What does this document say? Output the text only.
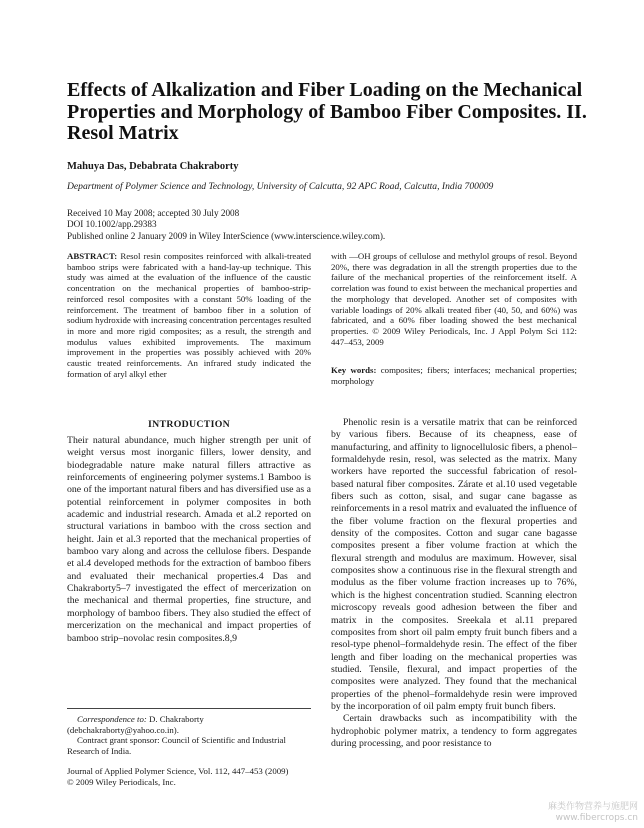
Effects of Alkalization and Fiber Loading on the Mechanical Properties and Morphology of Bamboo Fiber Composites. II. Resol Matrix
Mahuya Das, Debabrata Chakraborty
Department of Polymer Science and Technology, University of Calcutta, 92 APC Road, Calcutta, India 700009
Received 10 May 2008; accepted 30 July 2008
DOI 10.1002/app.29383
Published online 2 January 2009 in Wiley InterScience (www.interscience.wiley.com).
ABSTRACT: Resol resin composites reinforced with alkali-treated bamboo strips were fabricated with a hand-lay-up technique. This study was aimed at the evaluation of the influence of the caustic concentration on the mechanical properties of bamboo-strip-reinforced resol composites with a constant 50% loading of the reinforcement. The treatment of bamboo fiber in a solution of sodium hydroxide with increasing concentration percentages resulted in more and more rigid composites; as a result, the strength and modulus values exhibited improvements. The maximum improvement in the properties was possibly achieved with 20% caustic treated reinforcements. An infrared study indicated the formation of aryl alkyl ether
with —OH groups of cellulose and methylol groups of resol. Beyond 20%, there was degradation in all the strength properties due to the failure of the mechanical properties of the reinforcement itself. A correlation was found to exist between the mechanical properties and the morphology that developed. Another set of composites with variable loadings of 20% alkali treated fiber (40, 50, and 60%) was fabricated, and a 60% fiber loading showed the best mechanical properties. © 2009 Wiley Periodicals, Inc. J Appl Polym Sci 112: 447–453, 2009
Key words: composites; fibers; interfaces; mechanical properties; morphology
INTRODUCTION

Their natural abundance, much higher strength per unit of weight versus most inorganic fillers, lower density, and biodegradable nature make natural fillers attractive as reinforcements of engineering polymer systems.1 Bamboo is one of the important natural fibers and has diversified use as a potential reinforcement in polymer composites in both academic and industrial research. Amada et al.2 reported on structural variations in bamboo with the cross section and height. Jain et al.3 reported that the mechanical properties of bamboo vary along and across the cellulose fibers. Despande et al.4 developed methods for the extraction of bamboo fibers and evaluated their mechanical properties.4 Das and Chakraborty5–7 investigated the effect of mercerization on the mechanical and thermal properties, fine structure, and morphology of bamboo fibers. They also studied the effect of mercerization on the mechanical and impact properties of bamboo strip–novolac resin composites.8,9

Phenolic resin is a versatile matrix that can be reinforced by various fibers. Because of its cheapness, ease of manufacturing, and affinity to lignocellulosic fibers, a phenol–formaldehyde resin, resol, was selected as the matrix. Many workers have reported the successful fabrication of resol-based natural fiber composites. Zárate et al.10 used vegetable fibers such as cotton, sisal, and sugar cane bagasse as reinforcements in a resol matrix and evaluated the influence of the fiber volume fraction on the flexural properties and density of the composites. Cotton and sugar cane bagasse composites present a fiber volume fraction at which the flexural strength and modulus are maximum. However, sisal composites show a continuous rise in the flexural strength and modulus as the fiber volume fraction increases up to 76%, which is the highest concentration studied. Scanning electron microscopy reveals good adhesion between the fiber and matrix in the composites. Sreekala et al.11 prepared composites from short oil palm empty fruit bunch fibers and a resol-type phenol–formaldehyde resin. The effect of the fiber length and fiber loading on the mechanical properties was studied. Tensile, flexural, and impact properties of the composites were analyzed. They found that the mechanical properties of the phenol–formaldehyde resin were improved by the incorporation of oil palm empty fruit bunch fibers.

Certain drawbacks such as incompatibility with the hydrophobic polymer matrix, a tendency to form aggregates during processing, and poor resistance to

Correspondence to: D. Chakraborty (debchakraborty@yahoo.co.in).

Contract grant sponsor: Council of Scientific and Industrial Research of India.

Journal of Applied Polymer Science, Vol. 112, 447–453 (2009)
© 2009 Wiley Periodicals, Inc.
麻类作物营养与施肥网
www.fibercrops.cn
